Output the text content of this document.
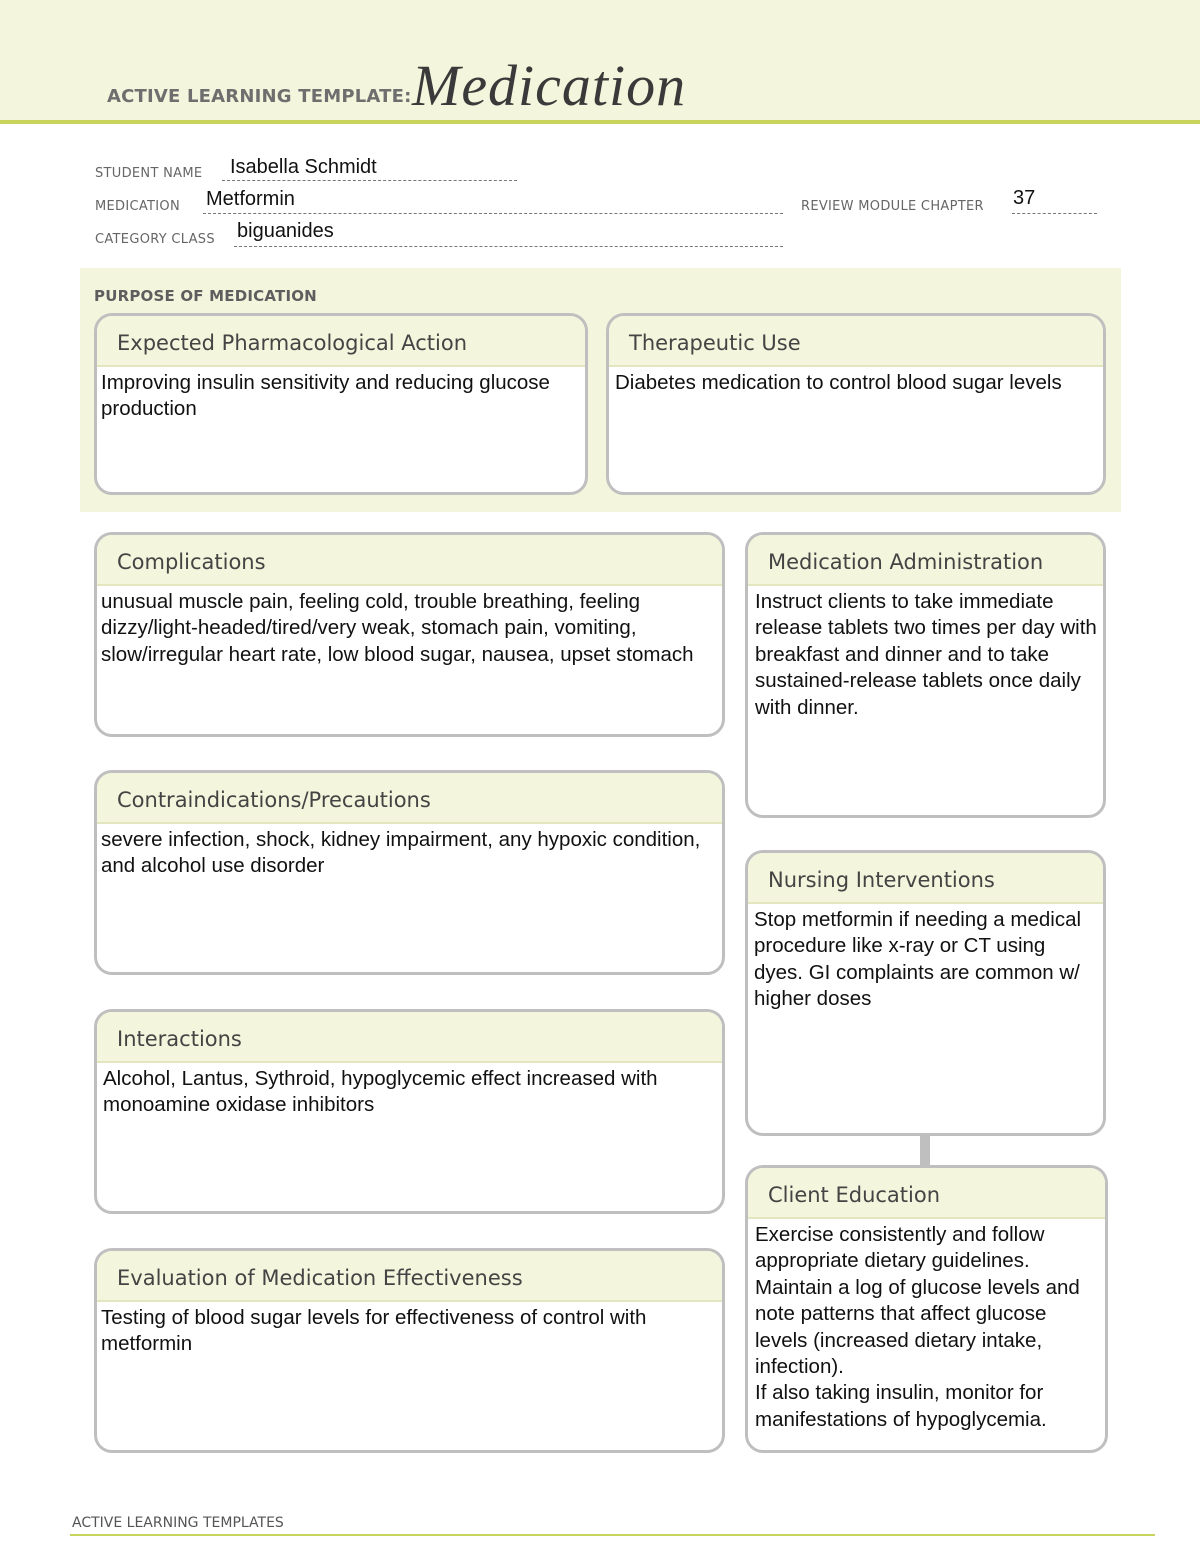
ACTIVE LEARNING TEMPLATE: Medication
STUDENT NAME Isabella Schmidt
MEDICATION Metformin	REVIEW MODULE CHAPTER 37
CATEGORY CLASS biguanides
PURPOSE OF MEDICATION
Expected Pharmacological Action
Improving insulin sensitivity and reducing glucose production
Therapeutic Use
Diabetes medication to control blood sugar levels
Complications
unusual muscle pain, feeling cold, trouble breathing, feeling dizzy/light-headed/tired/very weak, stomach pain, vomiting, slow/irregular heart rate, low blood sugar, nausea, upset stomach
Contraindications/Precautions
severe infection, shock, kidney impairment, any hypoxic condition, and alcohol use disorder
Interactions
Alcohol, Lantus, Sythroid, hypoglycemic effect increased with monoamine oxidase inhibitors
Evaluation of Medication Effectiveness
Testing of blood sugar levels for effectiveness of control with metformin
Medication Administration
Instruct clients to take immediate release tablets two times per day with breakfast and dinner and to take sustained-release tablets once daily with dinner.
Nursing Interventions
Stop metformin if needing a medical procedure like x-ray or CT using dyes. GI complaints are common w/ higher doses
Client Education
Exercise consistently and follow appropriate dietary guidelines. Maintain a log of glucose levels and note patterns that affect glucose levels (increased dietary intake, infection).
If also taking insulin, monitor for manifestations of hypoglycemia.
ACTIVE LEARNING TEMPLATES
